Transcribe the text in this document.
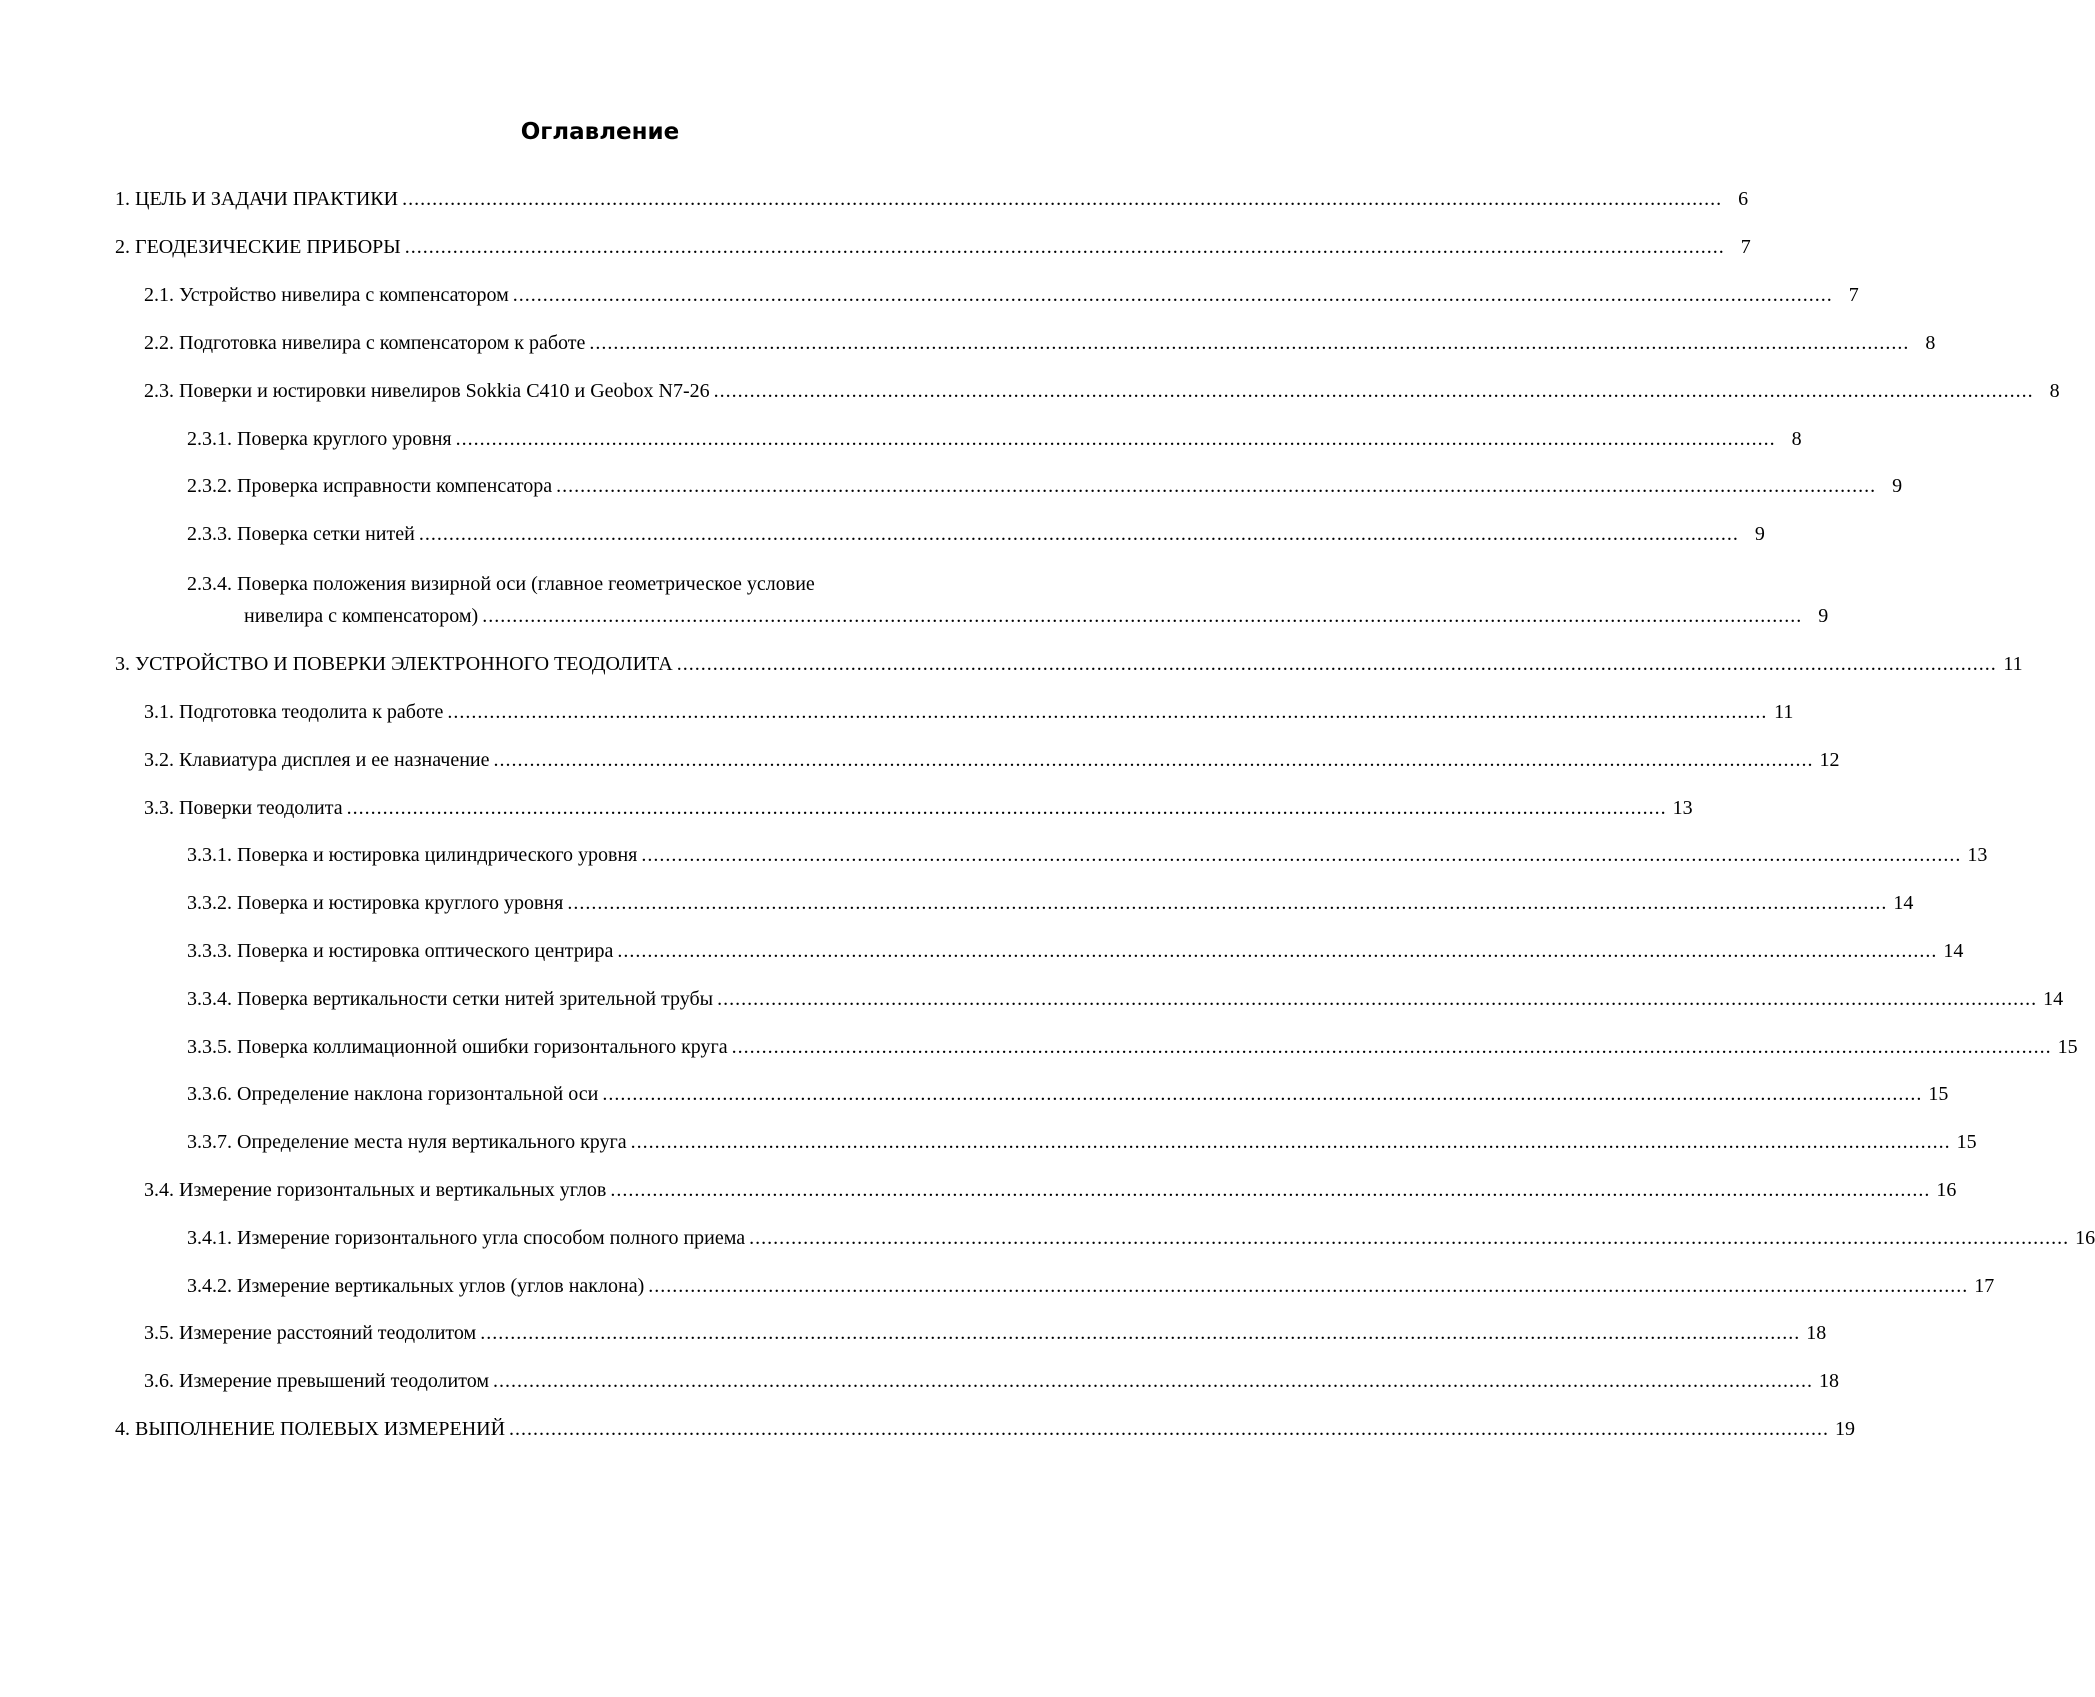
Оглавление
1. ЦЕЛЬ И ЗАДАЧИ ПРАКТИКИ ............................................................................................................................................................................................................................ 6
2. ГЕОДЕЗИЧЕСКИЕ ПРИБОРЫ ............................................................................................................................................................................................................................ 7
2.1. Устройство нивелира с компенсатором ............................................................................................................................................................................................................................ 7
2.2. Подготовка нивелира с компенсатором к работе ............................................................................................................................................................................................................................ 8
2.3. Поверки и юстировки нивелиров Sokkia C410 и Geobox N7-26 ............................................................................................................................................................................................................................ 8
2.3.1. Поверка круглого уровня ............................................................................................................................................................................................................................ 8
2.3.2. Проверка исправности компенсатора ............................................................................................................................................................................................................................ 9
2.3.3. Поверка сетки нитей ............................................................................................................................................................................................................................ 9
2.3.4. Поверка положения визирной оси (главное геометрическое условие
нивелира с компенсатором) ............................................................................................................................................................................................................................ 9
3. УСТРОЙСТВО И ПОВЕРКИ ЭЛЕКТРОННОГО ТЕОДОЛИТА ............................................................................................................................................................................................................................ 11
3.1. Подготовка теодолита к работе ............................................................................................................................................................................................................................ 11
3.2. Клавиатура дисплея и ее назначение ............................................................................................................................................................................................................................ 12
3.3. Поверки теодолита ............................................................................................................................................................................................................................ 13
3.3.1. Поверка и юстировка цилиндрического уровня ............................................................................................................................................................................................................................ 13
3.3.2. Поверка и юстировка круглого уровня ............................................................................................................................................................................................................................ 14
3.3.3. Поверка и юстировка оптического центрира ............................................................................................................................................................................................................................ 14
3.3.4. Поверка вертикальности сетки нитей зрительной трубы ............................................................................................................................................................................................................................ 14
3.3.5. Поверка коллимационной ошибки горизонтального круга ............................................................................................................................................................................................................................ 15
3.3.6. Определение наклона горизонтальной оси ............................................................................................................................................................................................................................ 15
3.3.7. Определение места нуля вертикального круга ............................................................................................................................................................................................................................ 15
3.4. Измерение горизонтальных и вертикальных углов ............................................................................................................................................................................................................................ 16
3.4.1. Измерение горизонтального угла способом полного приема ............................................................................................................................................................................................................................ 16
3.4.2. Измерение вертикальных углов (углов наклона) ............................................................................................................................................................................................................................ 17
3.5. Измерение расстояний теодолитом ............................................................................................................................................................................................................................ 18
3.6. Измерение превышений теодолитом ............................................................................................................................................................................................................................ 18
4. ВЫПОЛНЕНИЕ ПОЛЕВЫХ ИЗМЕРЕНИЙ ............................................................................................................................................................................................................................ 19
